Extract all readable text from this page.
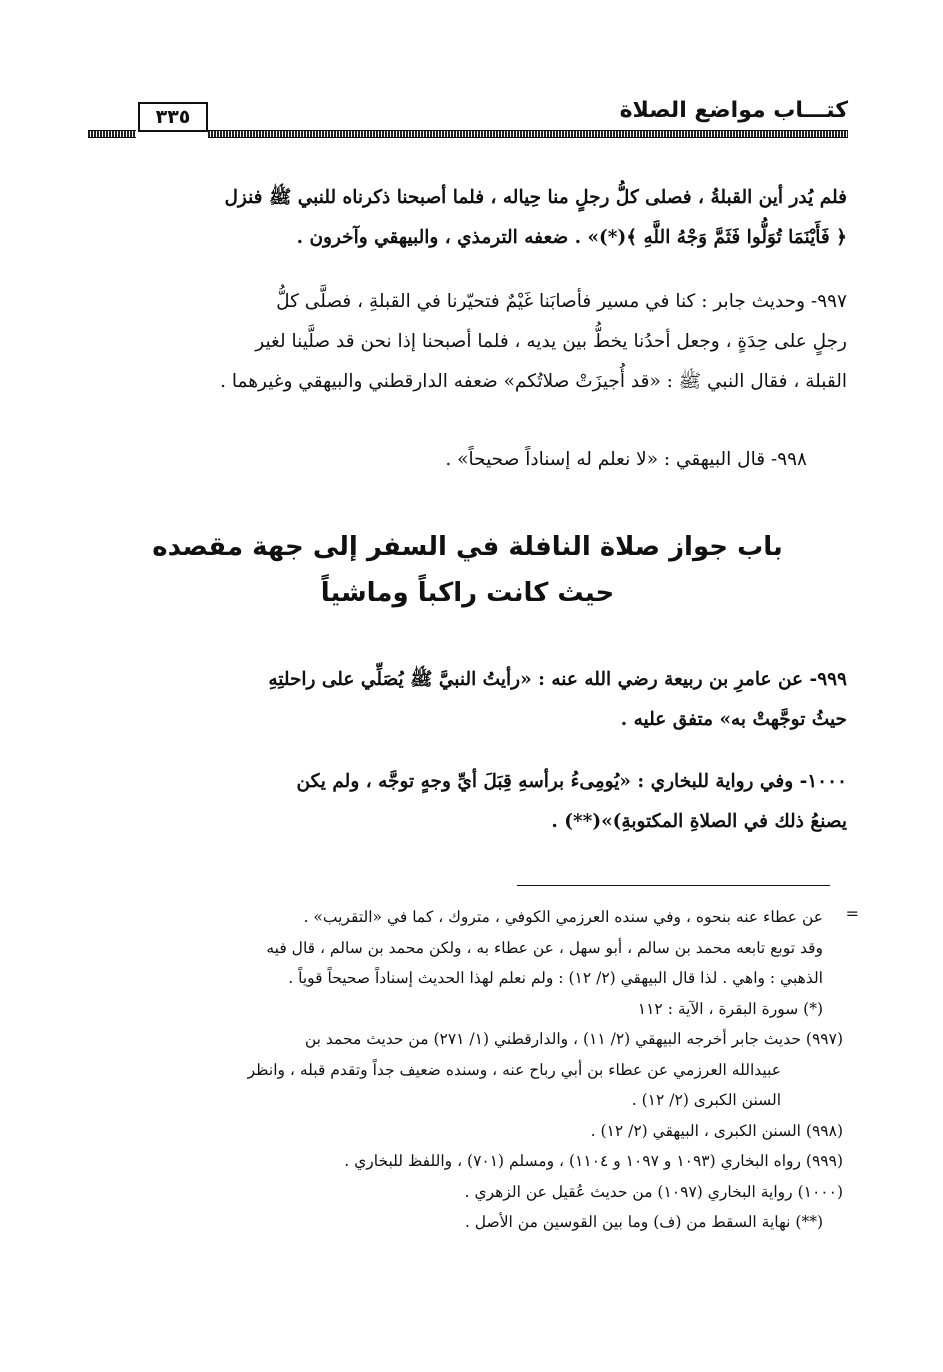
كتـــاب مواضع الصلاة
٣٣٥

فلم يُدر أين القبلةُ ، فصلى كلُّ رجلٍ منا حِياله ، فلما أصبحنا ذكرناه للنبي ﷺ فنزل

﴿ فَأَيْنَمَا تُوَلُّوا فَثَمَّ وَجْهُ اللَّهِ ﴾(*)» . ضعفه الترمذي ، والبيهقي وآخرون .

٩٩٧- وحديث جابر : كنا في مسير فأصابَنا غَيْمٌ فتحيّرنا في القبلةِ ، فصلَّى كلُّ

رجلٍ على حِدَةٍ ، وجعل أحدُنا يخطُّ بين يديه ، فلما أصبحنا إذا نحن قد صلَّينا لغير

القبلة ، فقال النبي ﷺ : «قد أُجيزَتْ صلاتُكم» ضعفه الدارقطني والبيهقي وغيرهما .

٩٩٨- قال البيهقي : «لا نعلم له إسناداً صحيحاً» .

باب جواز صلاة النافلة في السفر إلى جهة مقصده
حيث كانت راكباً وماشياً

٩٩٩- عن عامرِ بن ربيعة رضي الله عنه : «رأيتُ النبيَّ ﷺ يُصَلِّي على راحلتِهِ

حيثُ توجَّهتْ به» متفق عليه .

١٠٠٠- وفي رواية للبخاري : «يُومِىءُ برأسهِ قِبَلَ أيِّ وجهٍ توجَّه ، ولم يكن

يصنعُ ذلك في الصلاةِ المكتوبةِ)»(**) .

=

عن عطاء عنه بنحوه ، وفي سنده العرزمي الكوفي ، متروك ، كما في «التقريب» .

وقد توبع تابعه محمد بن سالم ، أبو سهل ، عن عطاء به ، ولكن محمد بن سالم ، قال فيه

الذهبي : واهي . لذا قال البيهقي (٢/ ١٢) : ولم نعلم لهذا الحديث إسناداً صحيحاً قوياً .

(*) سورة البقرة ، الآية : ١١٢

(٩٩٧) حديث جابر أخرجه البيهقي (٢/ ١١) ، والدارقطني (١/ ٢٧١) من حديث محمد بن

عبيدالله العرزمي عن عطاء بن أبي رباح عنه ، وسنده ضعيف جداً وتقدم قبله ، وانظر

السنن الكبرى (٢/ ١٢) .

(٩٩٨) السنن الكبرى ، البيهقي (٢/ ١٢) .

(٩٩٩) رواه البخاري (١٠٩٣ و ١٠٩٧ و ١١٠٤) ، ومسلم (٧٠١) ، واللفظ للبخاري .

(١٠٠٠) رواية البخاري (١٠٩٧) من حديث عُقيل عن الزهري .

(**) نهاية السقط من (ف) وما بين القوسين من الأصل .
